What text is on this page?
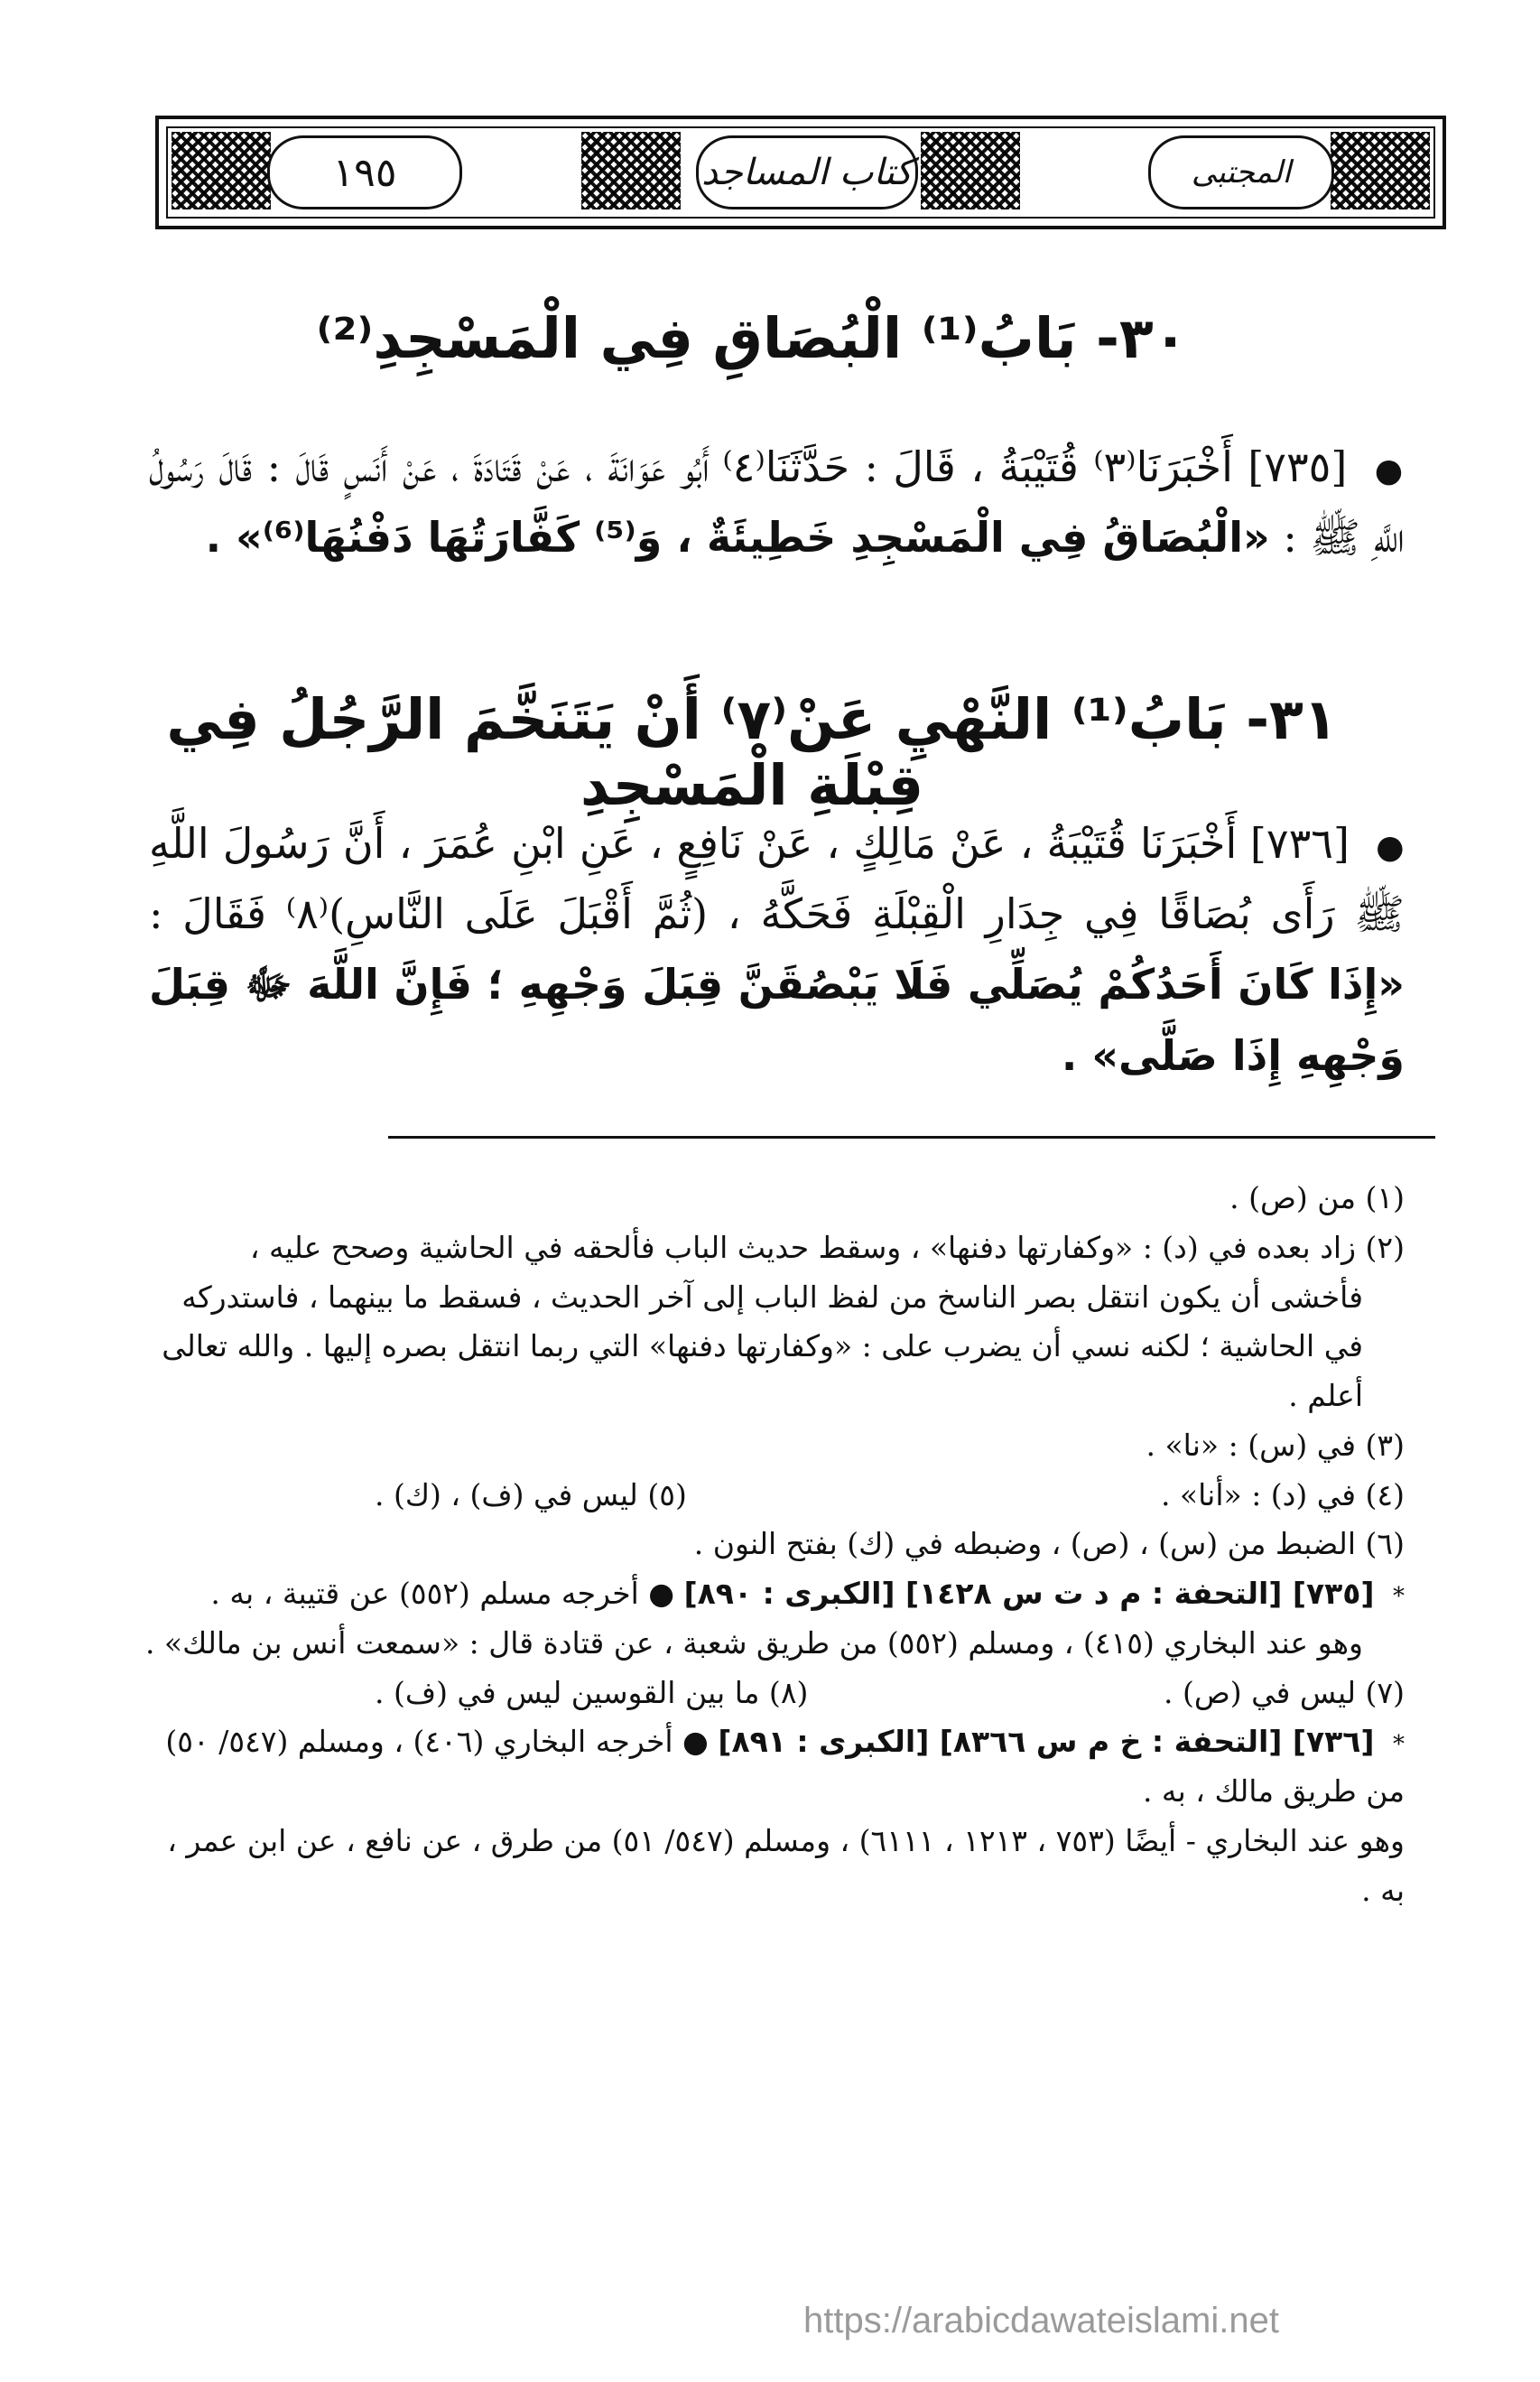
١٩٥	كتاب المساجد	المجتبى
٣٠- بَابُ⁽¹⁾ الْبُصَاقِ فِي الْمَسْجِدِ⁽²⁾
● [٧٣٥] أَخْبَرَنَا⁽٣⁾ قُتَيْبَةُ ، قَالَ : حَدَّثَنَا⁽٤⁾ أَبُو عَوَانَةَ ، عَنْ قَتَادَةَ ، عَنْ أَنَسٍ قَالَ : قَالَ رَسُولُ اللَّهِ ﷺ : «الْبُصَاقُ فِي الْمَسْجِدِ خَطِيئَةٌ ، وَ⁽⁵⁾ كَفَّارَتُهَا دَفْنُهَا⁽⁶⁾» .
٣١- بَابُ⁽¹⁾ النَّهْيِ عَنْ⁽٧⁾ أَنْ يَتَنَخَّمَ الرَّجُلُ فِي قِبْلَةِ الْمَسْجِدِ
● [٧٣٦] أَخْبَرَنَا قُتَيْبَةُ ، عَنْ مَالِكٍ ، عَنْ نَافِعٍ ، عَنِ ابْنِ عُمَرَ ، أَنَّ رَسُولَ اللَّهِ ﷺ رَأَى بُصَاقًا فِي جِدَارِ الْقِبْلَةِ فَحَكَّهُ ، (ثُمَّ أَقْبَلَ عَلَى النَّاسِ)⁽٨⁾ فَقَالَ : «إِذَا كَانَ أَحَدُكُمْ يُصَلِّي فَلَا يَبْصُقَنَّ قِبَلَ وَجْهِهِ ؛ فَإِنَّ اللَّهَ ﷻ قِبَلَ وَجْهِهِ إِذَا صَلَّى» .

(١) من (ص) .

(٢) زاد بعده في (د) : «وكفارتها دفنها» ، وسقط حديث الباب فألحقه في الحاشية وصحح عليه ،

فأخشى أن يكون انتقل بصر الناسخ من لفظ الباب إلى آخر الحديث ، فسقط ما بينهما ، فاستدركه في الحاشية ؛ لكنه نسي أن يضرب على : «وكفارتها دفنها» التي ربما انتقل بصره إليها . والله تعالى أعلم .

(٣) في (س) : «نا» .

(٤) في (د) : «أنا» .
(٥) ليس في (ف) ، (ك) .

(٦) الضبط من (س) ، (ص) ، وضبطه في (ك) بفتح النون .

* [٧٣٥] [التحفة : م د ت س ١٤٢٨] [الكبرى : ٨٩٠] ● أخرجه مسلم (٥٥٢) عن قتيبة ، به .

وهو عند البخاري (٤١٥) ، ومسلم (٥٥٢) من طريق شعبة ، عن قتادة قال : «سمعت أنس بن مالك» .

(٧) ليس في (ص) .
(٨) ما بين القوسين ليس في (ف) .

* [٧٣٦] [التحفة : خ م س ٨٣٦٦] [الكبرى : ٨٩١] ● أخرجه البخاري (٤٠٦) ، ومسلم (٥٤٧/ ٥٠) من طريق مالك ، به .

وهو عند البخاري - أيضًا (٧٥٣ ، ١٢١٣ ، ٦١١١) ، ومسلم (٥٤٧/ ٥١) من طرق ، عن نافع ، عن ابن عمر ، به .

https://arabicdawateislami.net
